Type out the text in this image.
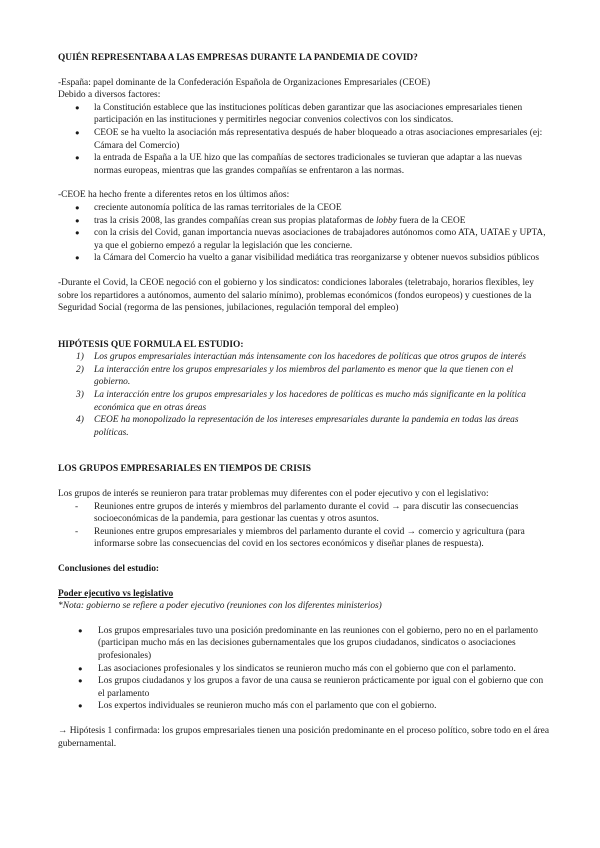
QUIÉN REPRESENTABA A LAS EMPRESAS DURANTE LA PANDEMIA DE COVID?

-España: papel dominante de la Confederación Española de Organizaciones Empresariales (CEOE)

Debido a diversos factores:

● la Constitución establece que las instituciones políticas deben garantizar que las asociaciones empresariales tienen participación en las instituciones y permitirles negociar convenios colectivos con los sindicatos.
● CEOE se ha vuelto la asociación más representativa después de haber bloqueado a otras asociaciones empresariales (ej: Cámara del Comercio)
● la entrada de España a la UE hizo que las compañías de sectores tradicionales se tuvieran que adaptar a las nuevas normas europeas, mientras que las grandes compañías se enfrentaron a las normas.

-CEOE ha hecho frente a diferentes retos en los últimos años:

● creciente autonomía política de las ramas territoriales de la CEOE
● tras la crisis 2008, las grandes compañías crean sus propias plataformas de lobby fuera de la CEOE
● con la crisis del Covid, ganan importancia nuevas asociaciones de trabajadores autónomos como ATA, UATAE y UPTA, ya que el gobierno empezó a regular la legislación que les concierne.
● la Cámara del Comercio ha vuelto a ganar visibilidad mediática tras reorganizarse y obtener nuevos subsidios públicos

-Durante el Covid, la CEOE negoció con el gobierno y los sindicatos: condiciones laborales (teletrabajo, horarios flexibles, ley sobre los repartidores a autónomos, aumento del salario mínimo), problemas económicos (fondos europeos) y cuestiones de la Seguridad Social (regorma de las pensiones, jubilaciones, regulación temporal del empleo)

HIPÓTESIS QUE FORMULA EL ESTUDIO:

1) Los grupos empresariales interactúan más intensamente con los hacedores de políticas que otros grupos de interés
2) La interacción entre los grupos empresariales y los miembros del parlamento es menor que la que tienen con el gobierno.
3) La interacción entre los grupos empresariales y los hacedores de políticas es mucho más significante en la política económica que en otras áreas
4) CEOE ha monopolizado la representación de los intereses empresariales durante la pandemia en todas las áreas políticas.

LOS GRUPOS EMPRESARIALES EN TIEMPOS DE CRISIS

Los grupos de interés se reunieron para tratar problemas muy diferentes con el poder ejecutivo y con el legislativo:

- Reuniones entre grupos de interés y miembros del parlamento durante el covid → para discutir las consecuencias socioeconómicas de la pandemia, para gestionar las cuentas y otros asuntos.
- Reuniones entre grupos empresariales y miembros del parlamento durante el covid → comercio y agricultura (para informarse sobre las consecuencias del covid en los sectores económicos y diseñar planes de respuesta).

Conclusiones del estudio:

Poder ejecutivo vs legislativo

*Nota: gobierno se refiere a poder ejecutivo (reuniones con los diferentes ministerios)

● Los grupos empresariales tuvo una posición predominante en las reuniones con el gobierno, pero no en el parlamento (participan mucho más en las decisiones gubernamentales que los grupos ciudadanos, sindicatos o asociaciones profesionales)
● Las asociaciones profesionales y los sindicatos se reunieron mucho más con el gobierno que con el parlamento.
● Los grupos ciudadanos y los grupos a favor de una causa se reunieron prácticamente por igual con el gobierno que con el parlamento
● Los expertos individuales se reunieron mucho más con el parlamento que con el gobierno.

→ Hipótesis 1 confirmada: los grupos empresariales tienen una posición predominante en el proceso político, sobre todo en el área gubernamental.
